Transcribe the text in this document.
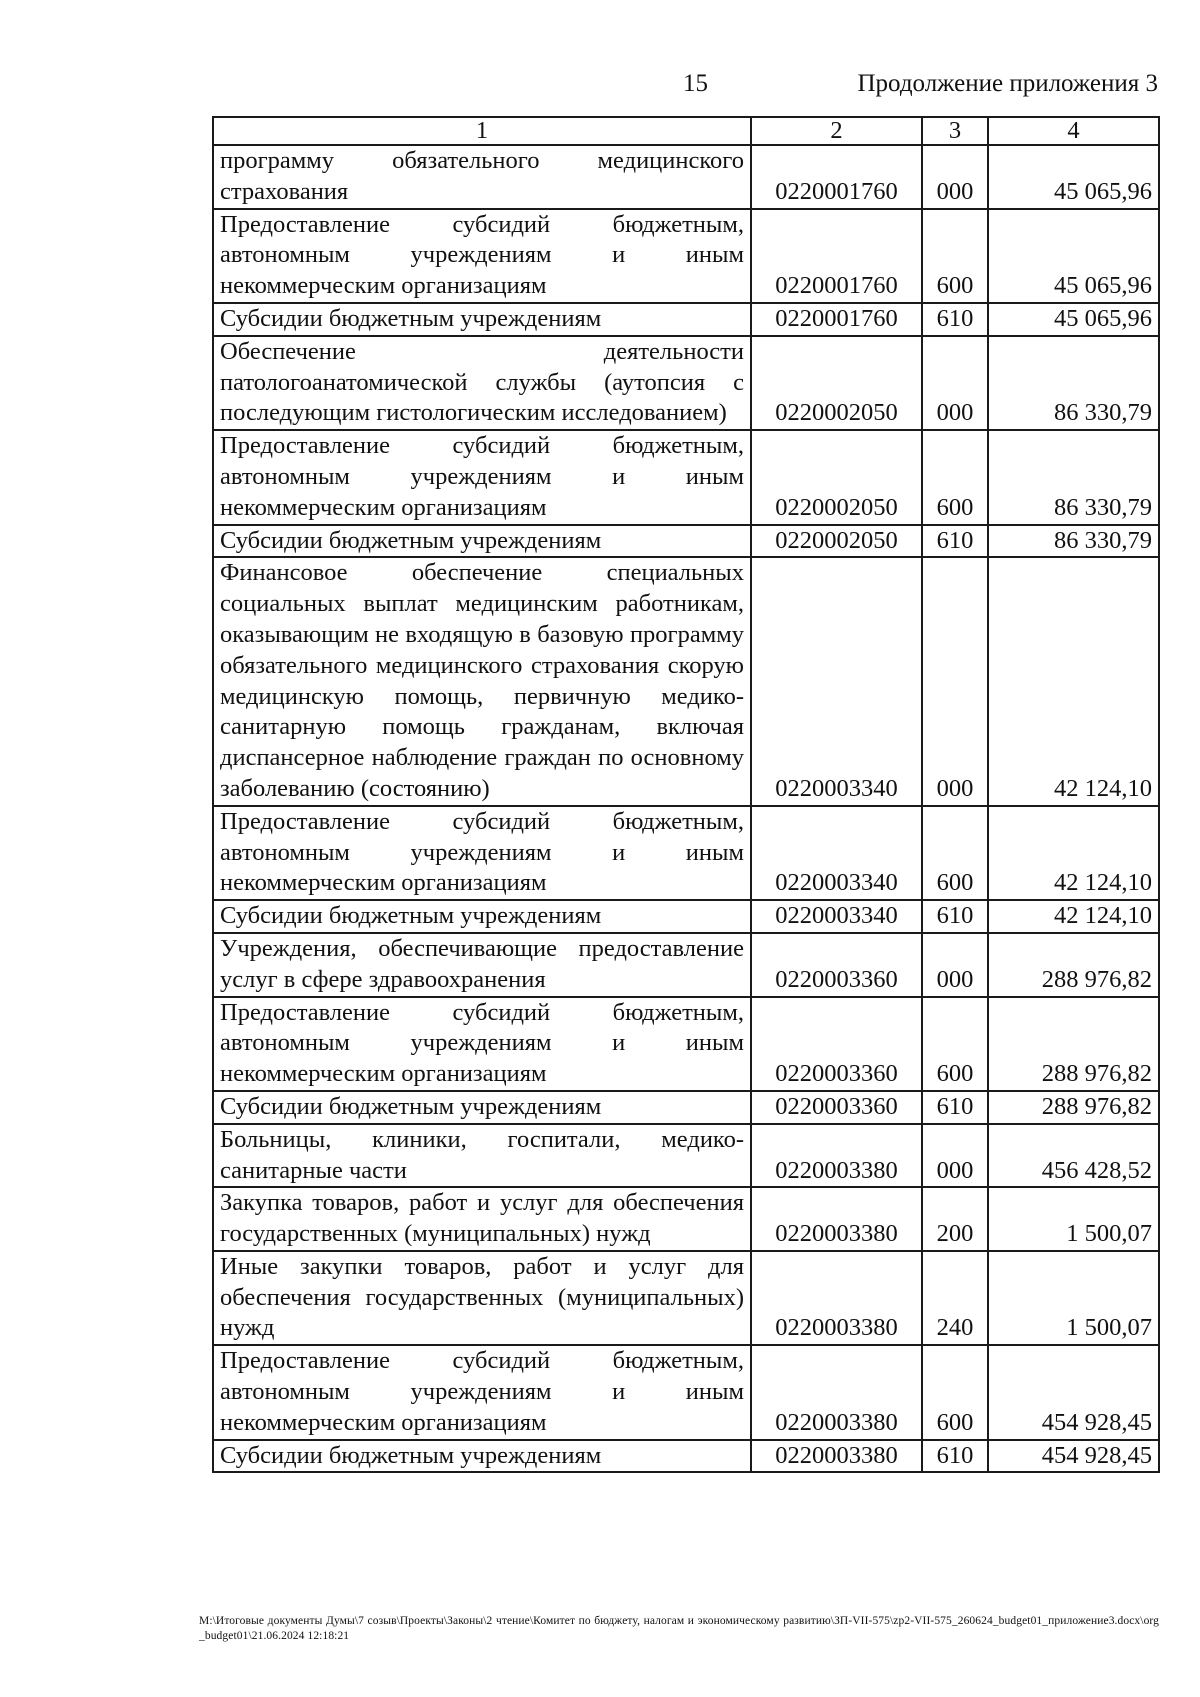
15	Продолжение приложения 3
1	2	3	4
программу обязательного медицинского страхования	0220001760	000	45 065,96
Предоставление субсидий бюджетным, автономным учреждениям и иным некоммерческим организациям	0220001760	600	45 065,96
Субсидии бюджетным учреждениям	0220001760	610	45 065,96
Обеспечение деятельности патологоанатомической службы (аутопсия с последующим гистологическим исследованием)	0220002050	000	86 330,79
Предоставление субсидий бюджетным, автономным учреждениям и иным некоммерческим организациям	0220002050	600	86 330,79
Субсидии бюджетным учреждениям	0220002050	610	86 330,79
Финансовое обеспечение специальных социальных выплат медицинским работникам, оказывающим не входящую в базовую программу обязательного медицинского страхования скорую медицинскую помощь, первичную медико-санитарную помощь гражданам, включая диспансерное наблюдение граждан по основному заболеванию (состоянию)	0220003340	000	42 124,10
Предоставление субсидий бюджетным, автономным учреждениям и иным некоммерческим организациям	0220003340	600	42 124,10
Субсидии бюджетным учреждениям	0220003340	610	42 124,10
Учреждения, обеспечивающие предоставление услуг в сфере здравоохранения	0220003360	000	288 976,82
Предоставление субсидий бюджетным, автономным учреждениям и иным некоммерческим организациям	0220003360	600	288 976,82
Субсидии бюджетным учреждениям	0220003360	610	288 976,82
Больницы, клиники, госпитали, медико-санитарные части	0220003380	000	456 428,52
Закупка товаров, работ и услуг для обеспечения государственных (муниципальных) нужд	0220003380	200	1 500,07
Иные закупки товаров, работ и услуг для обеспечения государственных (муниципальных) нужд	0220003380	240	1 500,07
Предоставление субсидий бюджетным, автономным учреждениям и иным некоммерческим организациям	0220003380	600	454 928,45
Субсидии бюджетным учреждениям	0220003380	610	454 928,45
М:\Итоговые документы Думы\7 созыв\Проекты\Законы\2 чтение\Комитет по бюджету, налогам и экономическому развитию\ЗП-VII-575\zp2-VII-575_260624_budget01_приложение3.docx\org_budget01\21.06.2024 12:18:21
